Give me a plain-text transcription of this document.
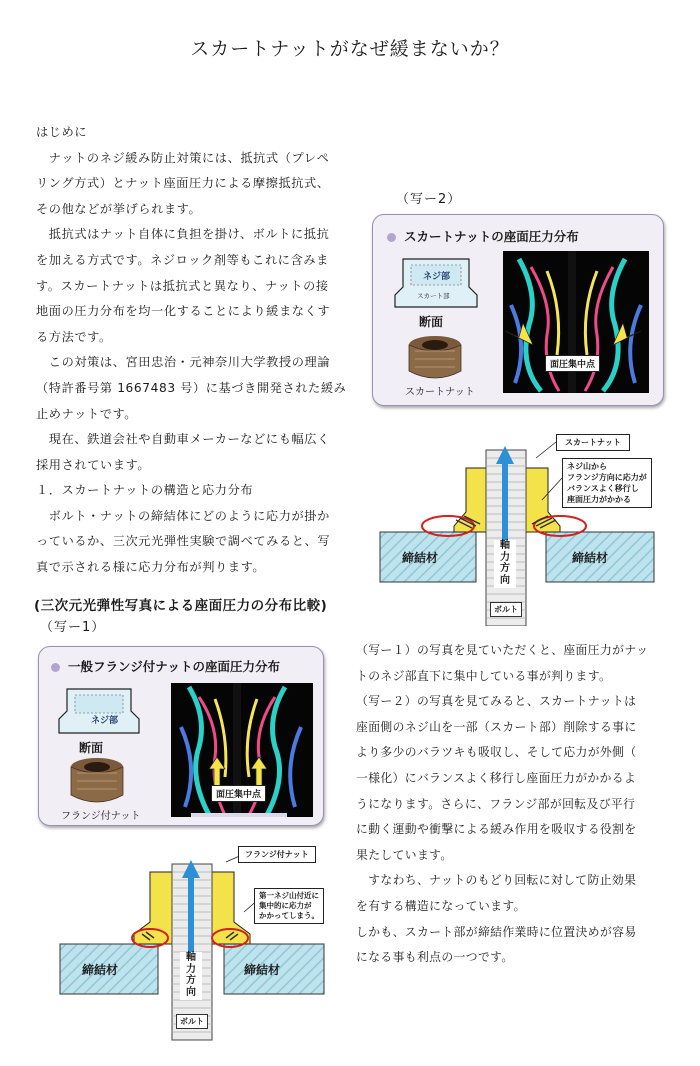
スカートナットがなぜ緩まないか？
はじめに
　ナットのネジ緩み防止対策には、抵抗式（プレペ
リング方式）とナット座面圧力による摩擦抵抗式、
その他などが挙げられます。
　抵抗式はナット自体に負担を掛け、ボルトに抵抗
を加える方式です。ネジロック剤等もこれに含みま
す。スカートナットは抵抗式と異なり、ナットの接
地面の圧力分布を均一化することにより緩まなくす
る方法です。
　この対策は、宮田忠治・元神奈川大学教授の理論
（特許番号第 1667483 号）に基づき開発された緩み
止めナットです。
　現在、鉄道会社や自動車メーカーなどにも幅広く
採用されています。
１．スカートナットの構造と応力分布
　ボルト・ナットの締結体にどのように応力が掛か
っているか、三次元光弾性実験で調べてみると、写
真で示される様に応力分布が判ります。
(三次元光弾性写真による座面圧力の分布比較)
（写ー1）
一般フランジ付ナットの座面圧力分布
ネジ部
断面
フランジ付ナット
面圧集中点
（写ー2）
スカートナットの座面圧力分布
ネジ部
スカート部
断面
スカートナット
面圧集中点
フランジ付ナット
第一ネジ山付近に
集中的に応力が
かかってしまう。
締結材	締結材
軸
力
方
向
ボルト
スカートナット
ネジ山から
フランジ方向に応力が
バランスよく移行し
座面圧力がかかる
締結材	締結材
軸
力
方
向
ボルト
（写ー１）の写真を見ていただくと、座面圧力がナッ
トのネジ部直下に集中している事が判ります。
（写ー２）の写真を見てみると、スカートナットは
座面側のネジ山を一部（スカート部）削除する事に
より多少のバラツキも吸収し、そして応力が外側（
一様化）にバランスよく移行し座面圧力がかかるよ
うになります。さらに、フランジ部が回転及び平行
に動く運動や衝撃による緩み作用を吸収する役割を
果たしています。
　すなわち、ナットのもどり回転に対して防止効果
を有する構造になっています。
しかも、スカート部が締結作業時に位置決めが容易
になる事も利点の一つです。
